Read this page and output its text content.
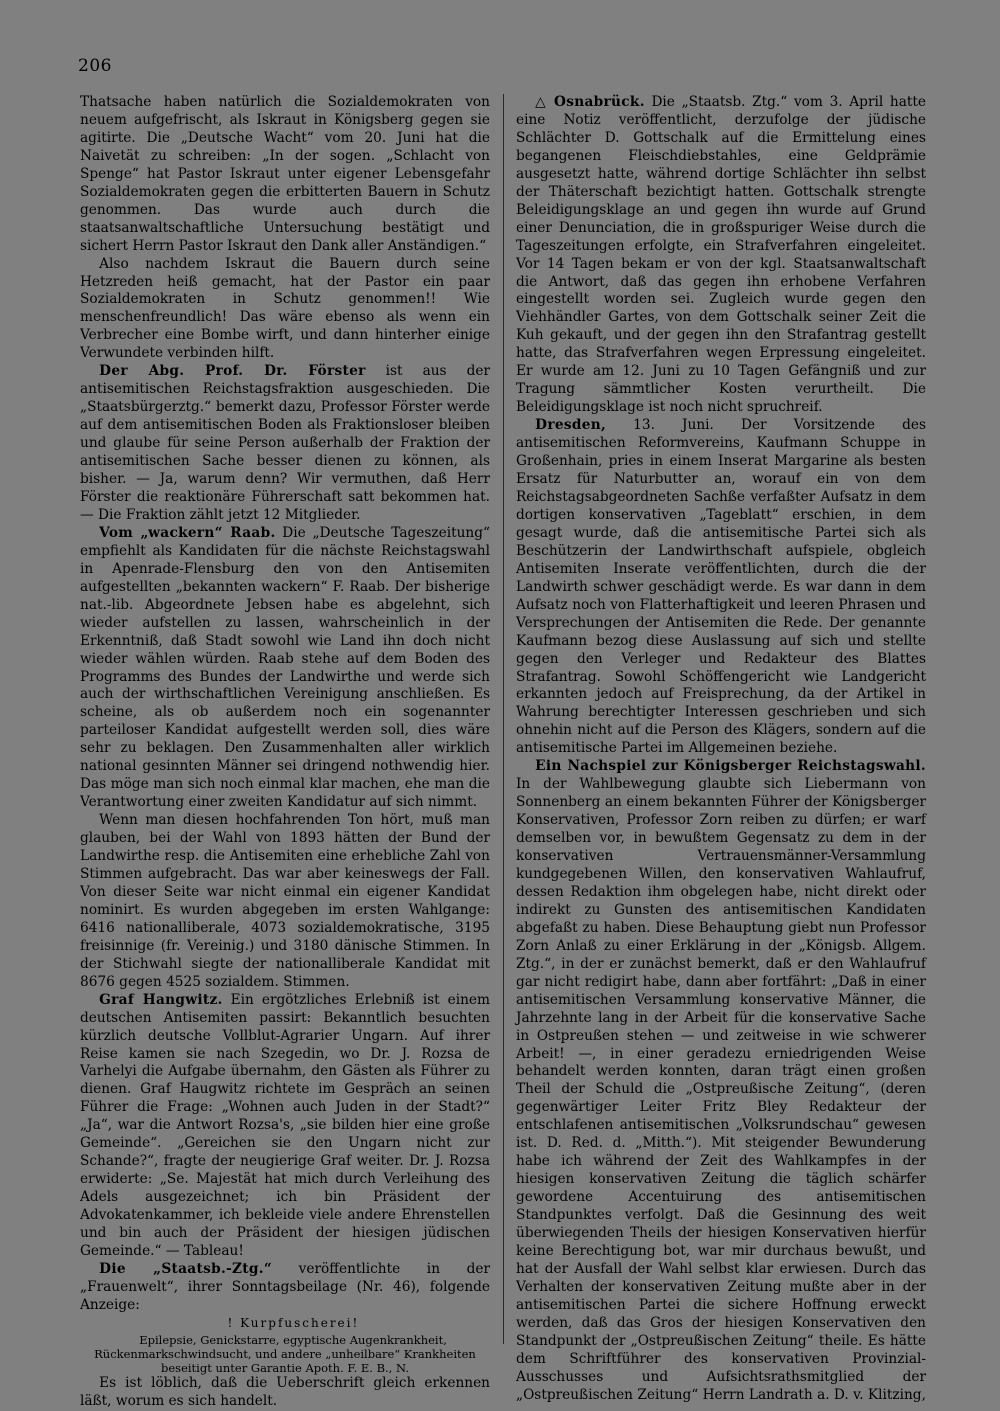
206

Thatsache haben natürlich die Sozialdemokraten von neuem aufgefrischt, als Iskraut in Königsberg gegen sie agitirte. Die „Deutsche Wacht“ vom 20. Juni hat die Naivetät zu schreiben: „In der sogen. „Schlacht von Spenge“ hat Pastor Iskraut unter eigener Lebensgefahr Sozialdemokraten gegen die erbitterten Bauern in Schutz genommen. Das wurde auch durch die staatsanwaltschaftliche Untersuchung bestätigt und sichert Herrn Pastor Iskraut den Dank aller Anständigen.“

Also nachdem Iskraut die Bauern durch seine Hetzreden heiß gemacht, hat der Pastor ein paar Sozialdemokraten in Schutz genommen!! Wie menschenfreundlich! Das wäre ebenso als wenn ein Verbrecher eine Bombe wirft, und dann hinterher einige Verwundete verbinden hilft.

Der Abg. Prof. Dr. Förster ist aus der antisemitischen Reichstagsfraktion ausgeschieden. Die „Staatsbürgerztg.“ bemerkt dazu, Professor Förster werde auf dem antisemitischen Boden als Fraktionsloser bleiben und glaube für seine Person außerhalb der Fraktion der antisemitischen Sache besser dienen zu können, als bisher. — Ja, warum denn? Wir vermuthen, daß Herr Förster die reaktionäre Führerschaft satt bekommen hat. — Die Fraktion zählt jetzt 12 Mitglieder.

Vom „wackern“ Raab. Die „Deutsche Tageszeitung“ empfiehlt als Kandidaten für die nächste Reichstagswahl in Apenrade-Flensburg den von den Antisemiten aufgestellten „bekannten wackern“ F. Raab. Der bisherige nat.-lib. Abgeordnete Jebsen habe es abgelehnt, sich wieder aufstellen zu lassen, wahrscheinlich in der Erkenntniß, daß Stadt sowohl wie Land ihn doch nicht wieder wählen würden. Raab stehe auf dem Boden des Programms des Bundes der Landwirthe und werde sich auch der wirthschaftlichen Vereinigung anschließen. Es scheine, als ob außerdem noch ein sogenannter parteiloser Kandidat aufgestellt werden soll, dies wäre sehr zu beklagen. Den Zusammenhalten aller wirklich national gesinnten Männer sei dringend nothwendig hier. Das möge man sich noch einmal klar machen, ehe man die Verantwortung einer zweiten Kandidatur auf sich nimmt.

Wenn man diesen hochfahrenden Ton hört, muß man glauben, bei der Wahl von 1893 hätten der Bund der Landwirthe resp. die Antisemiten eine erhebliche Zahl von Stimmen aufgebracht. Das war aber keineswegs der Fall. Von dieser Seite war nicht einmal ein eigener Kandidat nominirt. Es wurden abgegeben im ersten Wahlgange: 6416 nationalliberale, 4073 sozialdemokratische, 3195 freisinnige (fr. Vereinig.) und 3180 dänische Stimmen. In der Stichwahl siegte der nationalliberale Kandidat mit 8676 gegen 4525 sozialdem. Stimmen.

Graf Hangwitz. Ein ergötzliches Erlebniß ist einem deutschen Antisemiten passirt: Bekanntlich besuchten kürzlich deutsche Vollblut-Agrarier Ungarn. Auf ihrer Reise kamen sie nach Szegedin, wo Dr. J. Rozsa de Varhelyi die Aufgabe übernahm, den Gästen als Führer zu dienen. Graf Haugwitz richtete im Gespräch an seinen Führer die Frage: „Wohnen auch Juden in der Stadt?“ „Ja“, war die Antwort Rozsa's, „sie bilden hier eine große Gemeinde“. „Gereichen sie den Ungarn nicht zur Schande?“, fragte der neugierige Graf weiter. Dr. J. Rozsa erwiderte: „Se. Majestät hat mich durch Verleihung des Adels ausgezeichnet; ich bin Präsident der Advokatenkammer, ich bekleide viele andere Ehrenstellen und bin auch der Präsident der hiesigen jüdischen Gemeinde.“ — Tableau!

Die „Staatsb.-Ztg.“ veröffentlichte in der „Frauenwelt“, ihrer Sonntagsbeilage (Nr. 46), folgende Anzeige:

! Kurpfuscherei!

Epilepsie, Genickstarre, egyptische Augenkrankheit, Rückenmarkschwindsucht, und andere „unheilbare“ Krankheiten beseitigt unter Garantie Apoth. F. E. B., N.

Es ist löblich, daß die Ueberschrift gleich erkennen läßt, worum es sich handelt.

△ Osnabrück. Die „Staatsb. Ztg.“ vom 3. April hatte eine Notiz veröffentlicht, derzufolge der jüdische Schlächter D. Gottschalk auf die Ermittelung eines begangenen Fleischdiebstahles, eine Geldprämie ausgesetzt hatte, während dortige Schlächter ihn selbst der Thäterschaft bezichtigt hatten. Gottschalk strengte Beleidigungsklage an und gegen ihn wurde auf Grund einer Denunciation, die in großspuriger Weise durch die Tageszeitungen erfolgte, ein Strafverfahren eingeleitet. Vor 14 Tagen bekam er von der kgl. Staatsanwaltschaft die Antwort, daß das gegen ihn erhobene Verfahren eingestellt worden sei. Zugleich wurde gegen den Viehhändler Gartes, von dem Gottschalk seiner Zeit die Kuh gekauft, und der gegen ihn den Strafantrag gestellt hatte, das Strafverfahren wegen Erpressung eingeleitet. Er wurde am 12. Juni zu 10 Tagen Gefängniß und zur Tragung sämmtlicher Kosten verurtheilt. Die Beleidigungsklage ist noch nicht spruchreif.

Dresden, 13. Juni. Der Vorsitzende des antisemitischen Reformvereins, Kaufmann Schuppe in Großenhain, pries in einem Inserat Margarine als besten Ersatz für Naturbutter an, worauf ein von dem Reichstagsabgeordneten Sachße verfaßter Aufsatz in dem dortigen konservativen „Tageblatt“ erschien, in dem gesagt wurde, daß die antisemitische Partei sich als Beschützerin der Landwirthschaft aufspiele, obgleich Antisemiten Inserate veröffentlichten, durch die der Landwirth schwer geschädigt werde. Es war dann in dem Aufsatz noch von Flatterhaftigkeit und leeren Phrasen und Versprechungen der Antisemiten die Rede. Der genannte Kaufmann bezog diese Auslassung auf sich und stellte gegen den Verleger und Redakteur des Blattes Strafantrag. Sowohl Schöffengericht wie Landgericht erkannten jedoch auf Freisprechung, da der Artikel in Wahrung berechtigter Interessen geschrieben und sich ohnehin nicht auf die Person des Klägers, sondern auf die antisemitische Partei im Allgemeinen beziehe.

Ein Nachspiel zur Königsberger Reichstagswahl. In der Wahlbewegung glaubte sich Liebermann von Sonnenberg an einem bekannten Führer der Königsberger Konservativen, Professor Zorn reiben zu dürfen; er warf demselben vor, in bewußtem Gegensatz zu dem in der konservativen Vertrauensmänner-Versammlung kundgegebenen Willen, den konservativen Wahlaufruf, dessen Redaktion ihm obgelegen habe, nicht direkt oder indirekt zu Gunsten des antisemitischen Kandidaten abgefaßt zu haben. Diese Behauptung giebt nun Professor Zorn Anlaß zu einer Erklärung in der „Königsb. Allgem. Ztg.“, in der er zunächst bemerkt, daß er den Wahlaufruf gar nicht redigirt habe, dann aber fortfährt: „Daß in einer antisemitischen Versammlung konservative Männer, die Jahrzehnte lang in der Arbeit für die konservative Sache in Ostpreußen stehen — und zeitweise in wie schwerer Arbeit! —, in einer geradezu erniedrigenden Weise behandelt werden konnten, daran trägt einen großen Theil der Schuld die „Ostpreußische Zeitung“, (deren gegenwärtiger Leiter Fritz Bley Redakteur der entschlafenen antisemitischen „Volksrundschau“ gewesen ist. D. Red. d. „Mitth.“). Mit steigender Bewunderung habe ich während der Zeit des Wahlkampfes in der hiesigen konservativen Zeitung die täglich schärfer gewordene Accentuirung des antisemitischen Standpunktes verfolgt. Daß die Gesinnung des weit überwiegenden Theils der hiesigen Konservativen hierfür keine Berechtigung bot, war mir durchaus bewußt, und hat der Ausfall der Wahl selbst klar erwiesen. Durch das Verhalten der konservativen Zeitung mußte aber in der antisemitischen Partei die sichere Hoffnung erweckt werden, daß das Gros der hiesigen Konservativen den Standpunkt der „Ostpreußischen Zeitung“ theile. Es hätte dem Schriftführer des konservativen Provinzial-Ausschusses und Aufsichtsrathsmitglied der „Ostpreußischen Zeitung“ Herrn Landrath a. D. v. Klitzing,
